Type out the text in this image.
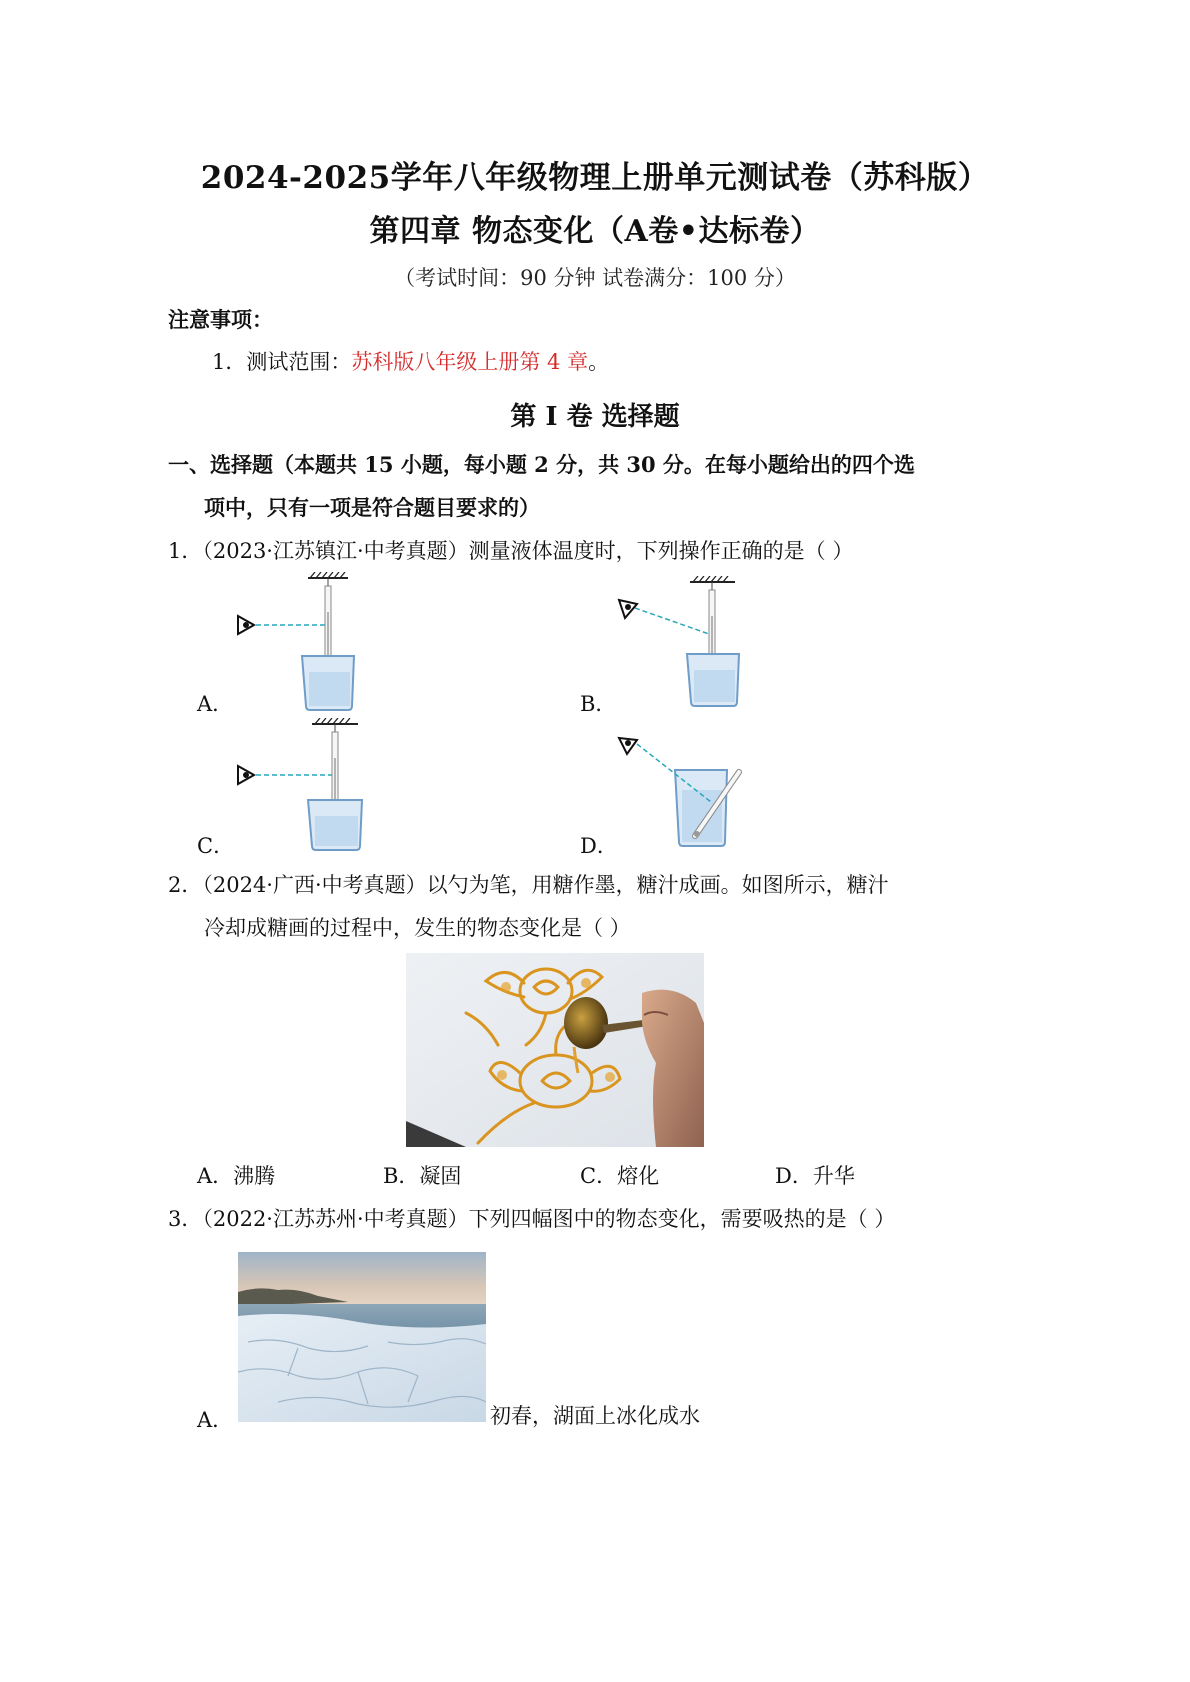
2024-2025学年八年级物理上册单元测试卷（苏科版）
第四章 物态变化（A卷•达标卷）
（考试时间：90 分钟 试卷满分：100 分）
注意事项：
1．测试范围：苏科版八年级上册第 4 章。
第 I 卷 选择题
一、选择题（本题共 15 小题，每小题 2 分，共 30 分。在每小题给出的四个选
项中，只有一项是符合题目要求的）
1．（2023·江苏镇江·中考真题）测量液体温度时，下列操作正确的是（ ）
A．	B．
C．	D．
2．（2024·广西·中考真题）以勺为笔，用糖作墨，糖汁成画。如图所示，糖汁
冷却成糖画的过程中，发生的物态变化是（ ）
A．沸腾	B．凝固	C．熔化	D．升华
3．（2022·江苏苏州·中考真题）下列四幅图中的物态变化，需要吸热的是（ ）
A．	初春，湖面上冰化成水
